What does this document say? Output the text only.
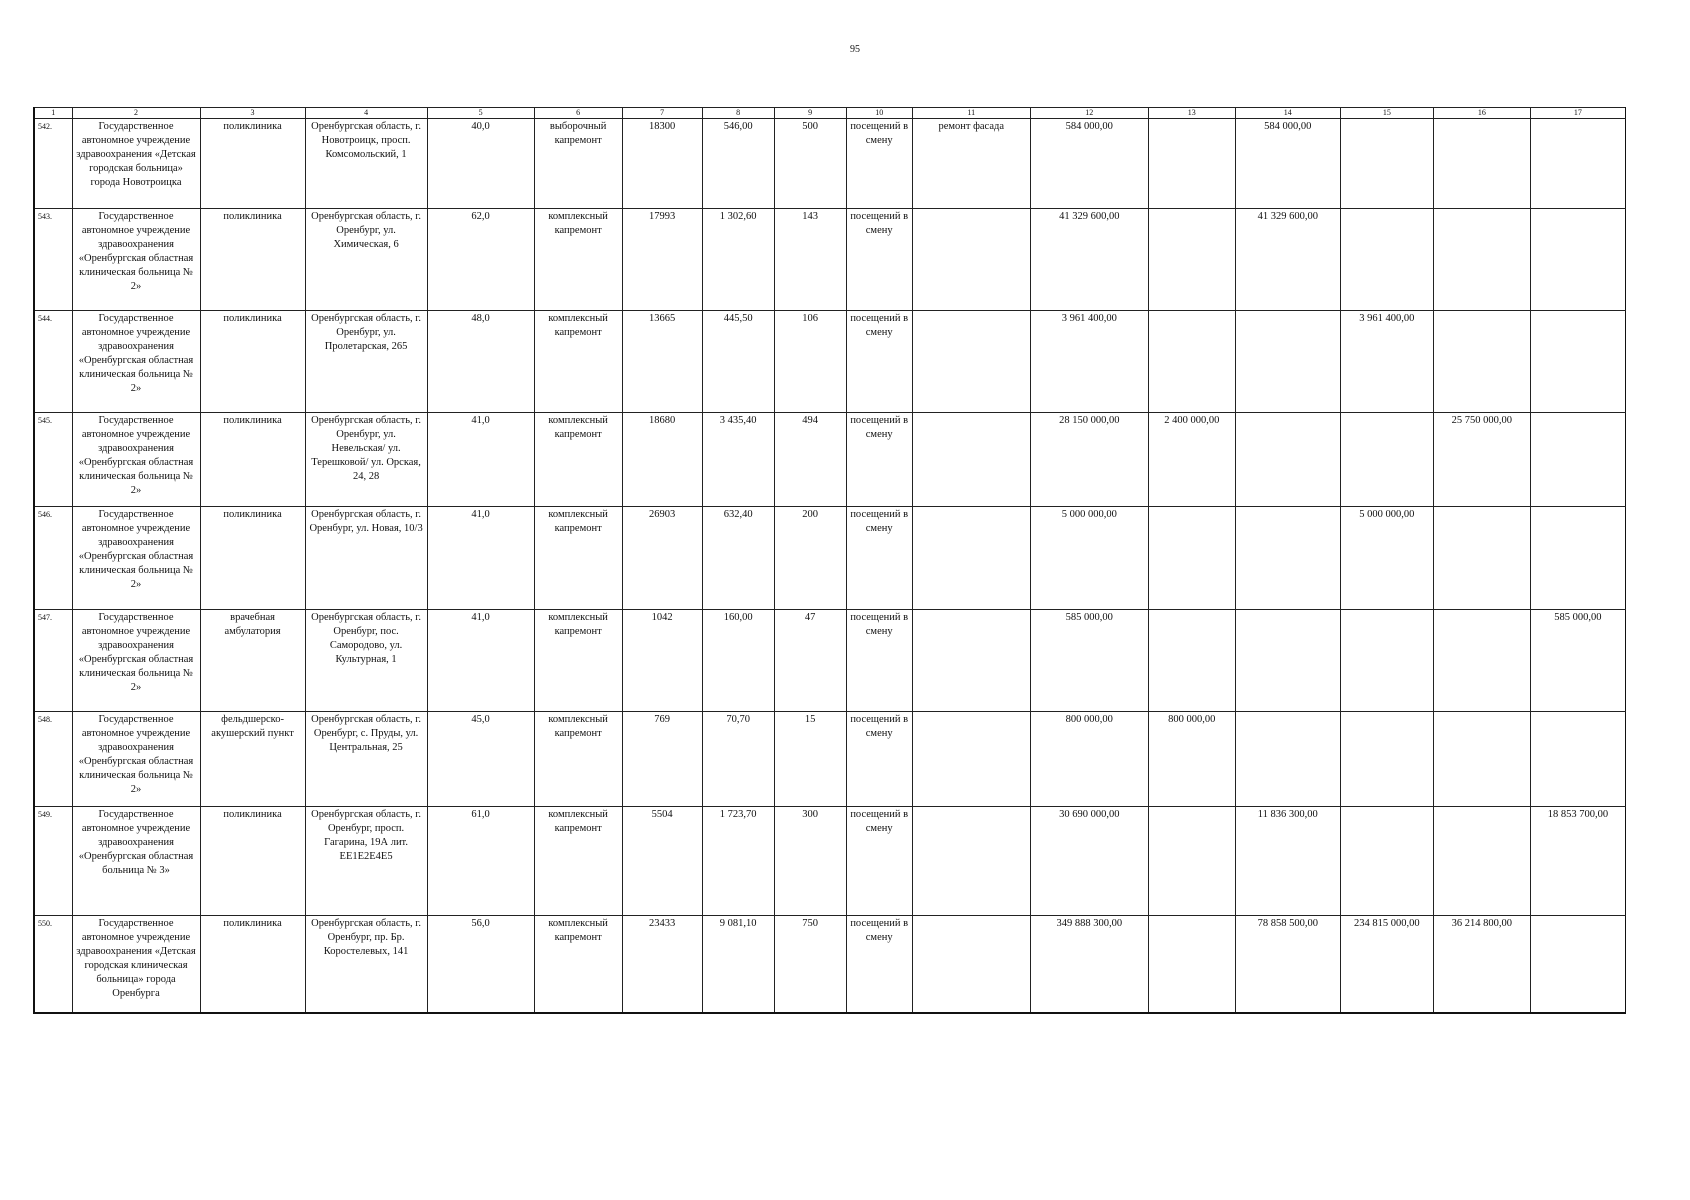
95
1	2	3	4	5	6	7	8	9	10	11	12	13	14	15	16	17
542.	Государственное автономное учреждение здравоохранения «Детская городская больница» города Новотроицка	поликлиника	Оренбургская область, г. Новотроицк, просп. Комсомольский, 1	40,0	выборочный капремонт	18300	546,00	500	посещений в смену	ремонт фасада	584 000,00		584 000,00			
543.	Государственное автономное учреждение здравоохранения «Оренбургская областная клиническая больница № 2»	поликлиника	Оренбургская область, г. Оренбург, ул. Химическая, 6	62,0	комплексный капремонт	17993	1 302,60	143	посещений в смену		41 329 600,00		41 329 600,00			
544.	Государственное автономное учреждение здравоохранения «Оренбургская областная клиническая больница № 2»	поликлиника	Оренбургская область, г. Оренбург, ул. Пролетарская, 265	48,0	комплексный капремонт	13665	445,50	106	посещений в смену		3 961 400,00			3 961 400,00		
545.	Государственное автономное учреждение здравоохранения «Оренбургская областная клиническая больница № 2»	поликлиника	Оренбургская область, г. Оренбург, ул. Невельская/ ул. Терешковой/ ул. Орская, 24, 28	41,0	комплексный капремонт	18680	3 435,40	494	посещений в смену		28 150 000,00	2 400 000,00			25 750 000,00	
546.	Государственное автономное учреждение здравоохранения «Оренбургская областная клиническая больница № 2»	поликлиника	Оренбургская область, г. Оренбург, ул. Новая, 10/3	41,0	комплексный капремонт	26903	632,40	200	посещений в смену		5 000 000,00			5 000 000,00		
547.	Государственное автономное учреждение здравоохранения «Оренбургская областная клиническая больница № 2»	врачебная амбулатория	Оренбургская область, г. Оренбург, пос. Самородово, ул. Культурная, 1	41,0	комплексный капремонт	1042	160,00	47	посещений в смену		585 000,00					585 000,00
548.	Государственное автономное учреждение здравоохранения «Оренбургская областная клиническая больница № 2»	фельдшерско-акушерский пункт	Оренбургская область, г. Оренбург, с. Пруды, ул. Центральная, 25	45,0	комплексный капремонт	769	70,70	15	посещений в смену		800 000,00	800 000,00				
549.	Государственное автономное учреждение здравоохранения «Оренбургская областная больница № 3»	поликлиника	Оренбургская область, г. Оренбург, просп. Гагарина, 19А лит. ЕЕ1Е2Е4Е5	61,0	комплексный капремонт	5504	1 723,70	300	посещений в смену		30 690 000,00		11 836 300,00			18 853 700,00
550.	Государственное автономное учреждение здравоохранения «Детская городская клиническая больница» города Оренбурга	поликлиника	Оренбургская область, г. Оренбург, пр. Бр. Коростелевых, 141	56,0	комплексный капремонт	23433	9 081,10	750	посещений в смену		349 888 300,00		78 858 500,00	234 815 000,00	36 214 800,00	
